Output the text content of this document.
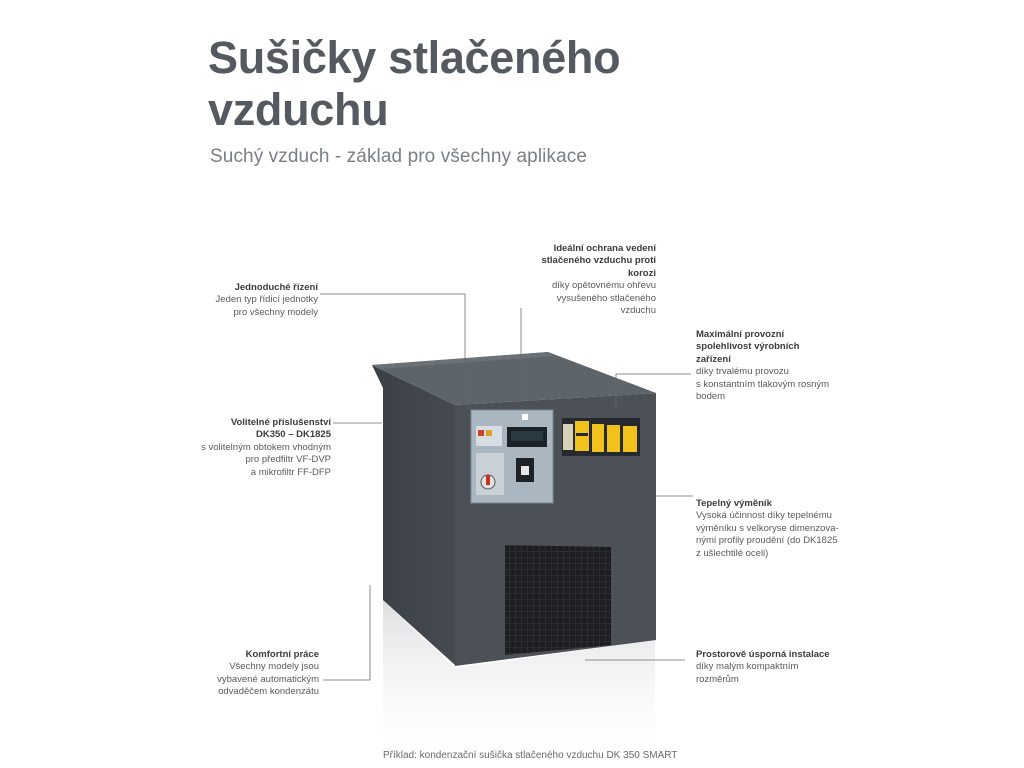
Sušičky stlačeného
vzduchu
Suchý vzduch - základ pro všechny aplikace
Jednoduché řízení
Jeden typ řídicí jednotky
pro všechny modely
Ideální ochrana vedení
stlačeného vzduchu proti
korozi
díky opětovnému ohřevu
vysušeného stlačeného
vzduchu
Maximální provozní
spolehlivost výrobních
zařízení
díky trvalému provozu
s konstantním tlakovým rosným
bodem
Volitelné příslušenství
DK350 – DK1825
s volitelným obtokem vhodným
pro předfiltr VF-DVP
a mikrofiltr FF-DFP
Tepelný výměník
Vysoká účinnost díky tepelnému
výměníku s velkoryse dimenzova-
nými profily proudění (do DK1825
z ušlechtilé oceli)
Komfortní práce
Všechny modely jsou
vybavené automatickým
odvaděčem kondenzátu
Prostorově úsporná instalace
díky malým kompaktním
rozměrům
Příklad: kondenzační sušička stlačeného vzduchu DK 350 SMART
